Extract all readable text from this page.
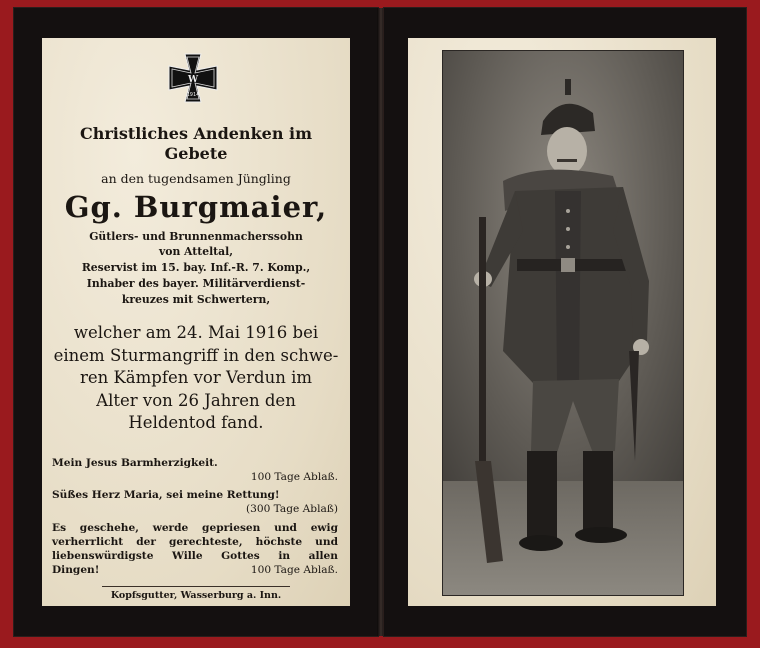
W
1914
Christliches Andenken im
Gebete
an den tugendsamen Jüngling
Gg. Burgmaier,
Gütlers- und Brunnenmacherssohn
von Atteltal,
Reservist im 15. bay. Inf.-R. 7. Komp.,
Inhaber des bayer. Militärverdienst-
kreuzes mit Schwertern,
welcher am 24. Mai 1916 bei
einem Sturmangriff in den schwe-
ren Kämpfen vor Verdun im
Alter von 26 Jahren den
Heldentod fand.
Mein Jesus Barmherzigkeit.
100 Tage Ablaß.
Süßes Herz Maria, sei meine Rettung!
(300 Tage Ablaß)
Es geschehe, werde gepriesen und ewig
verherrlicht der gerechteste, höchste und
liebenswürdigste Wille Gottes in allen
Dingen!	100 Tage Ablaß.
Kopfsgutter, Wasserburg a. Inn.
